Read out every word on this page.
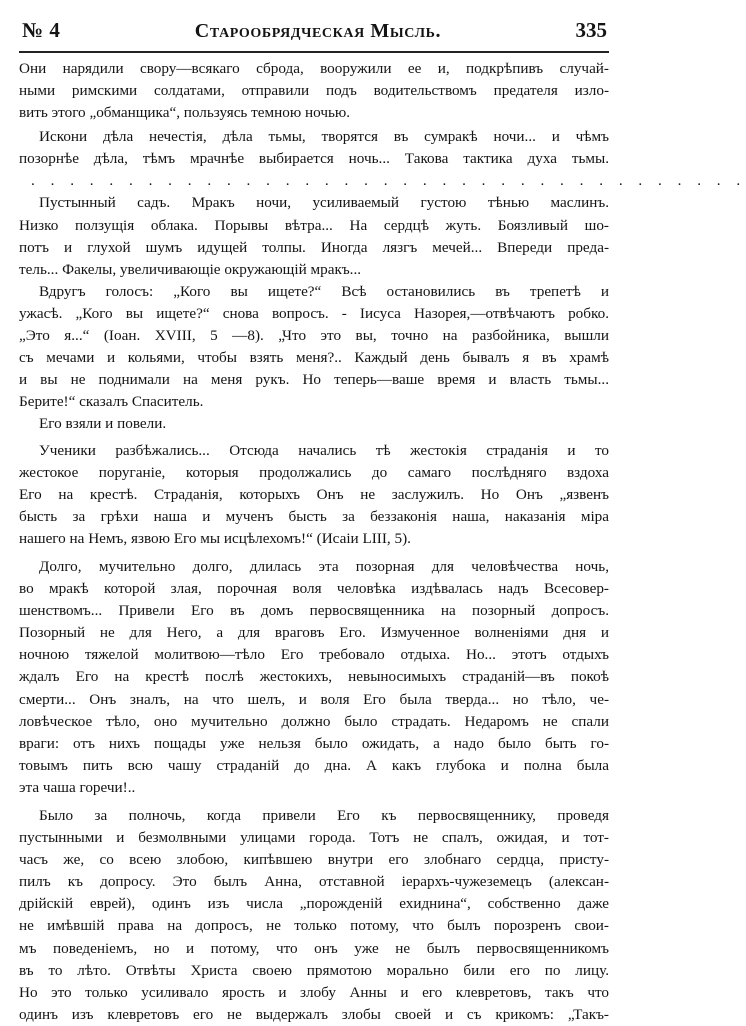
№ 4	Старообрядческая Мысль.	335
Они нарядили свору—всякаго сброда, вооружили ее и, подкрѣпивъ случай-
ными римскими солдатами, отправили подъ водительствомъ предателя изло-
вить этого „обманщика“, пользуясь темною ночью.
Искони дѣла нечестія, дѣла тьмы, творятся въ сумракѣ ночи... и чѣмъ
позорнѣе дѣла, тѣмъ мрачнѣе выбирается ночь... Такова тактика духа тьмы.
. . . . . . . . . . . . . . . . . . . . . . . . . . . . . . . . . . . . .
Пустынный садъ. Мракъ ночи, усиливаемый густою тѣнью маслинъ.
Низко ползущія облака. Порывы вѣтра... На сердцѣ жуть. Боязливый шо-
потъ и глухой шумъ идущей толпы. Иногда лязгъ мечей... Впереди преда-
тель... Факелы, увеличивающіе окружающій мракъ...
Вдругъ голосъ: „Кого вы ищете?“ Всѣ остановились въ трепетѣ и
ужасѣ. „Кого вы ищете?“ снова вопросъ. - Іисуса Назорея,—отвѣчаютъ робко.
„Это я...“ (Іоан. XVIII, 5 —8). „Что это вы, точно на разбойника, вышли
съ мечами и кольями, чтобы взять меня?.. Каждый день бывалъ я въ храмѣ
и вы не поднимали на меня рукъ. Но теперь—ваше время и власть тьмы...
Берите!“ сказалъ Спаситель.
Его взяли и повели.
Ученики разбѣжались... Отсюда начались тѣ жестокія страданія и то
жестокое поруганіе, которыя продолжались до самаго послѣдняго вздоха
Его на крестѣ. Страданія, которыхъ Онъ не заслужилъ. Но Онъ „язвенъ
бысть за грѣхи наша и мученъ бысть за беззаконія наша, наказанія міра
нашего на Немъ, язвою Его мы исцѣлехомъ!“ (Исаіи LIII, 5).
Долго, мучительно долго, длилась эта позорная для человѣчества ночь,
во мракѣ которой злая, порочная воля человѣка издѣвалась надъ Всесовер-
шенствомъ... Привели Его въ домъ первосвященника на позорный допросъ.
Позорный не для Него, а для враговъ Его. Измученное волненіями дня и
ночною тяжелой молитвою—тѣло Его требовало отдыха. Но... этотъ отдыхъ
ждалъ Его на крестѣ послѣ жестокихъ, невыносимыхъ страданій—въ покоѣ
смерти... Онъ зналъ, на что шелъ, и воля Его была тверда... но тѣло, че-
ловѣческое тѣло, оно мучительно должно было страдать. Недаромъ не спали
враги: отъ нихъ пощады уже нельзя было ожидать, а надо было быть го-
товымъ пить всю чашу страданій до дна. А какъ глубока и полна была
эта чаша горечи!..
Было за полночь, когда привели Его къ первосвященнику, проведя
пустынными и безмолвными улицами города. Тотъ не спалъ, ожидая, и тот-
часъ же, со всею злобою, кипѣвшею внутри его злобнаго сердца, присту-
пилъ къ допросу. Это былъ Анна, отставной іерархъ-чужеземецъ (алексан-
дрійскій еврей), одинъ изъ числа „порожденій ехиднина“, собственно даже
не имѣвшій права на допросъ, не только потому, что былъ порозренъ свои-
мъ поведеніемъ, но и потому, что онъ уже не былъ первосвященникомъ
въ то лѣто. Отвѣты Христа своею прямотою морально били его по лицу.
Но это только усиливало ярость и злобу Анны и его клевретовъ, такъ что
одинъ изъ клевретовъ его не выдержалъ злобы своей и съ крикомъ: „Такъ-
